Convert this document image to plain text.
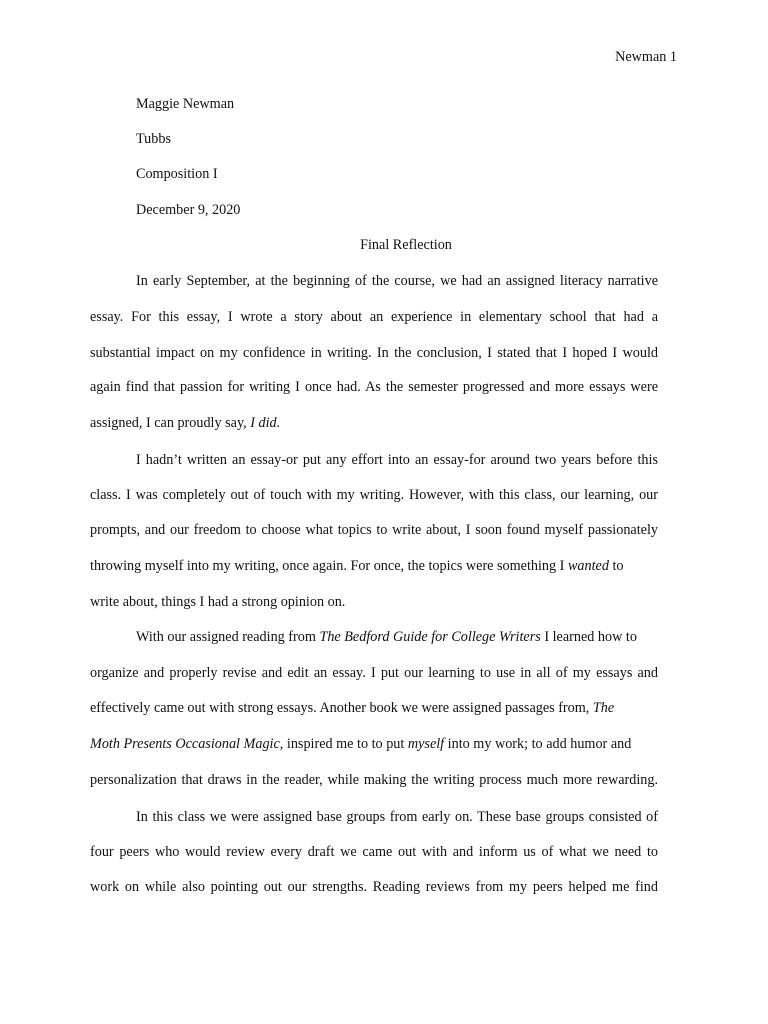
Newman 1
Maggie Newman
Tubbs
Composition I
December 9, 2020
Final Reflection
In early September, at the beginning of the course, we had an assigned literacy narrative
essay. For this essay, I wrote a story about an experience in elementary school that had a
substantial impact on my confidence in writing. In the conclusion, I stated that I hoped I would
again find that passion for writing I once had. As the semester progressed and more essays were
assigned, I can proudly say, I did.
I hadn’t written an essay-or put any effort into an essay-for around two years before this
class. I was completely out of touch with my writing. However, with this class, our learning, our
prompts, and our freedom to choose what topics to write about, I soon found myself passionately
throwing myself into my writing, once again. For once, the topics were something I wanted to
write about, things I had a strong opinion on.
With our assigned reading from The Bedford Guide for College Writers I learned how to
organize and properly revise and edit an essay. I put our learning to use in all of my essays and
effectively came out with strong essays. Another book we were assigned passages from, The
Moth Presents Occasional Magic, inspired me to to put myself into my work; to add humor and
personalization that draws in the reader, while making the writing process much more rewarding.
In this class we were assigned base groups from early on. These base groups consisted of
four peers who would review every draft we came out with and inform us of what we need to
work on while also pointing out our strengths. Reading reviews from my peers helped me find
